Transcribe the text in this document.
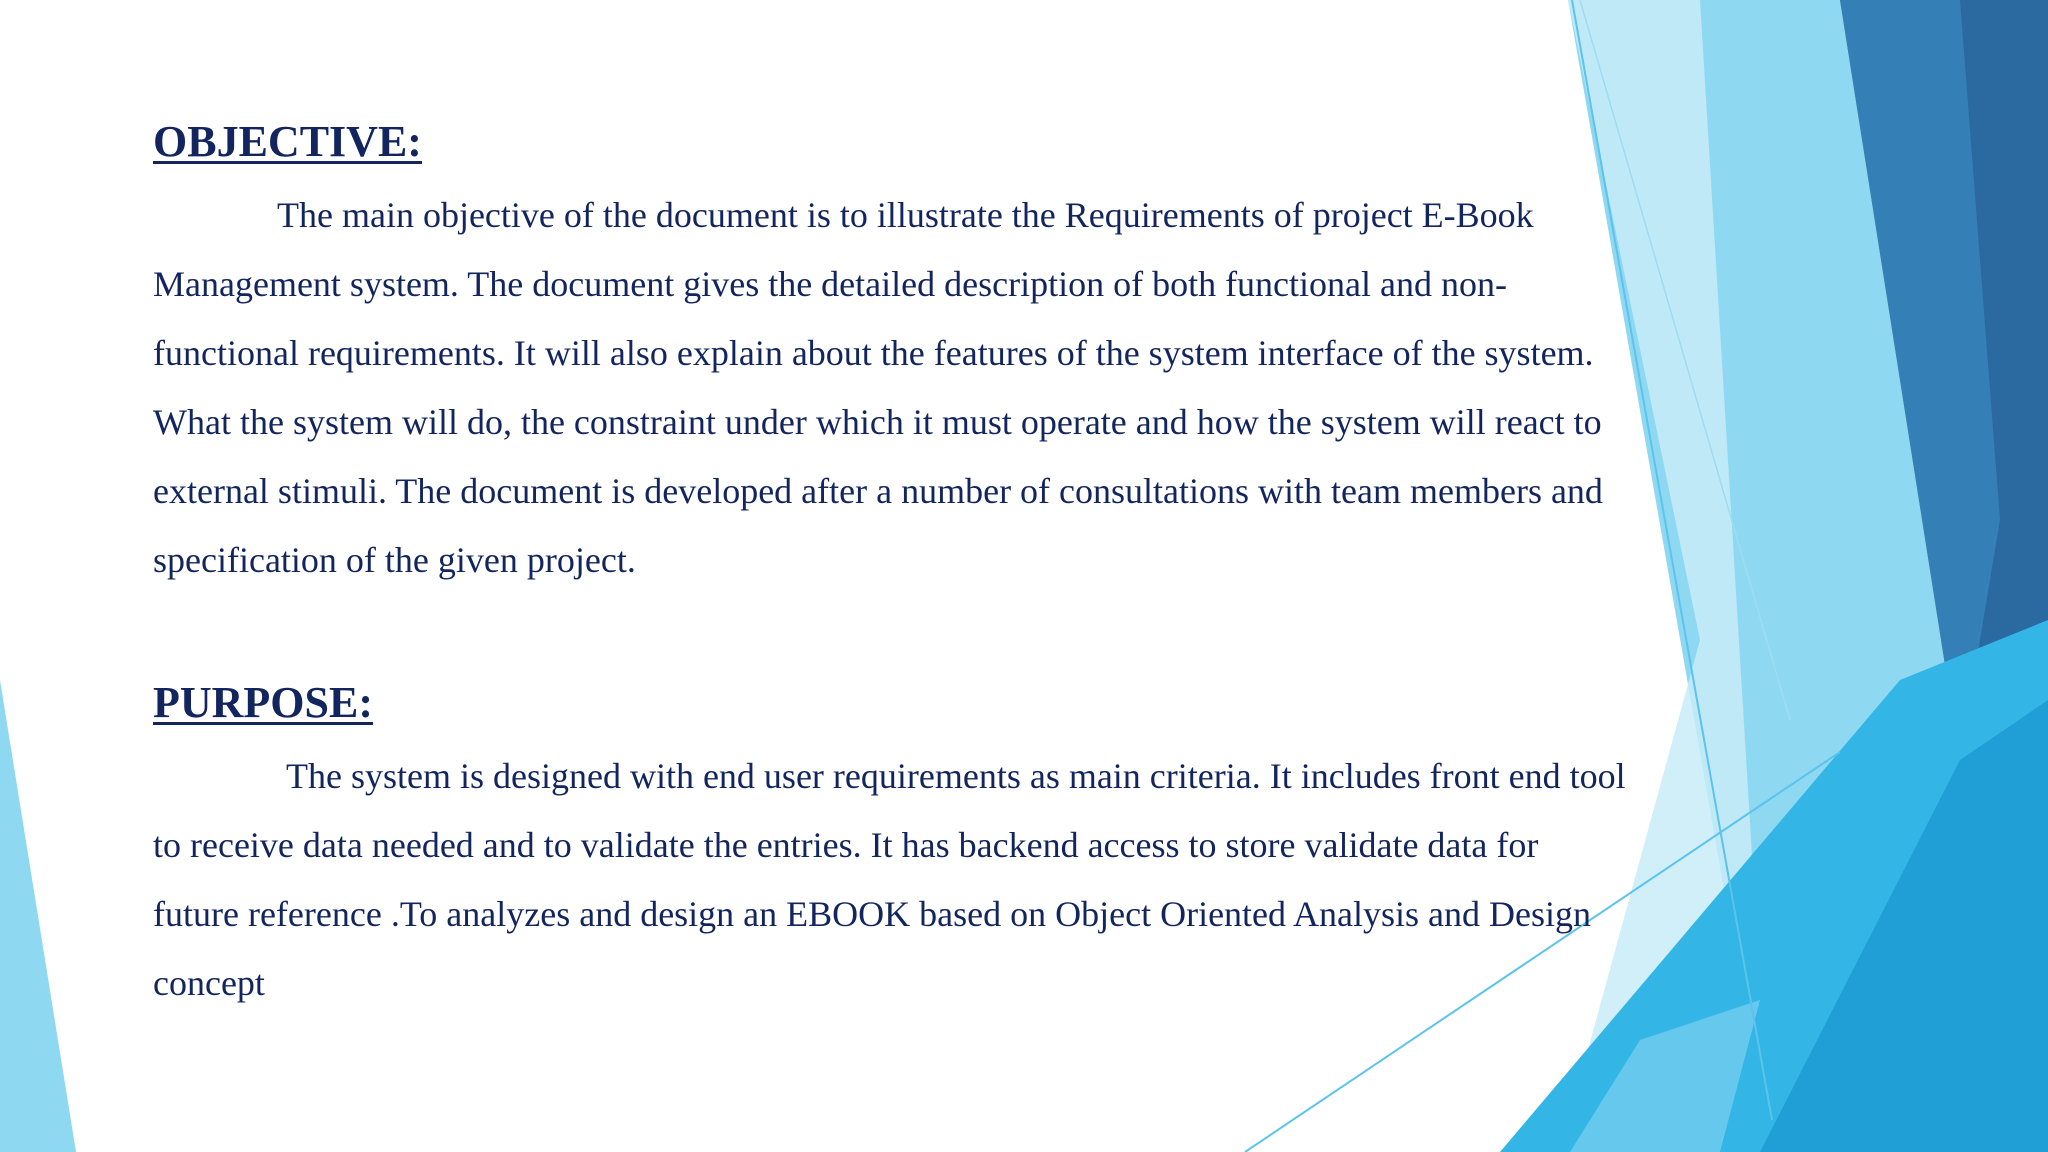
OBJECTIVE:

The main objective of the document is to illustrate the Requirements of project E-Book

Management system. The document gives the detailed description of both functional and non-

functional requirements. It will also explain about the features of the system interface of the system.

What the system will do, the constraint under which it must operate and how the system will react to

external stimuli. The document is developed after a number of consultations with team members and

specification of the given project.

PURPOSE:

The system is designed with end user requirements as main criteria. It includes front end tool

to receive data needed and to validate the entries. It has backend access to store validate data for

future reference .To analyzes and design an EBOOK based on Object Oriented Analysis and Design

concept
